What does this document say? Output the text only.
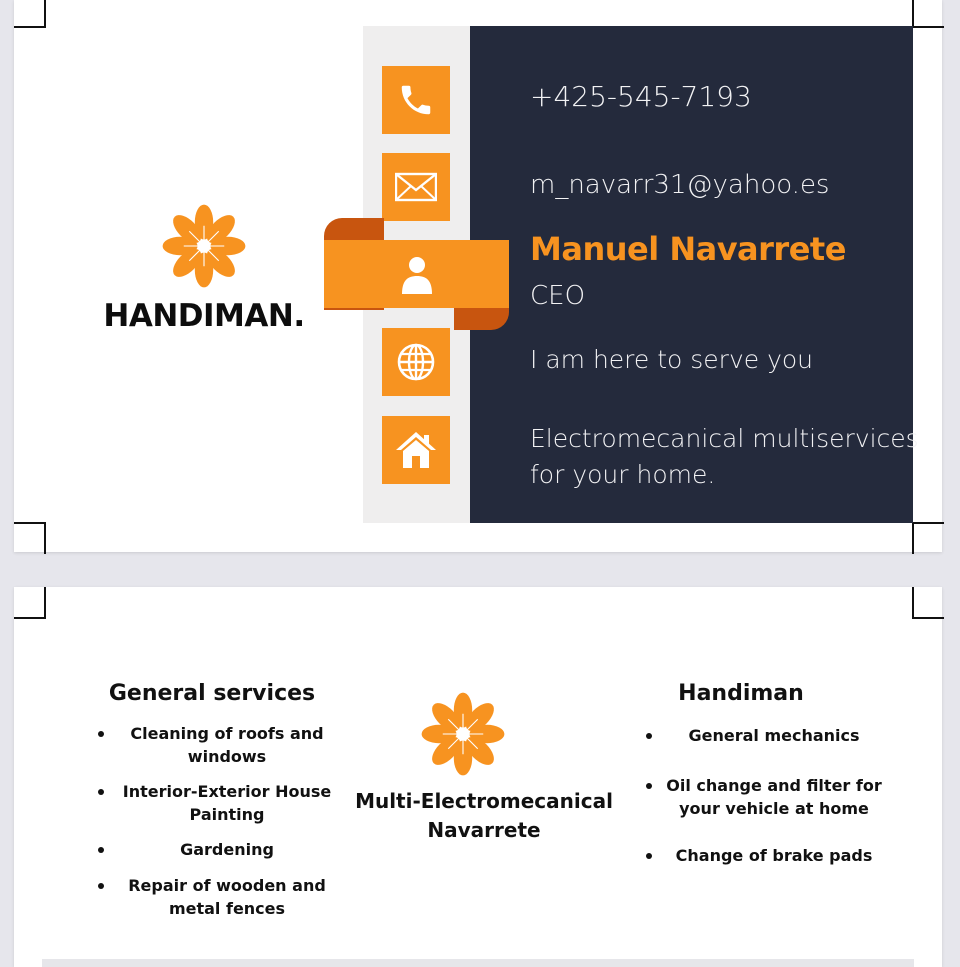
HANDIMAN.
+425-545-7193
m_navarr31@yahoo.es
Manuel Navarrete
CEO
I am here to serve you
Electromecanical multiservices
for your home.
General services
Cleaning of roofs and
windows
Interior-Exterior House
Painting
Gardening
Repair of wooden and
metal fences
Multi-Electromecanical
Navarrete
Handiman
General mechanics
Oil change and filter for
your vehicle at home
Change of brake pads
